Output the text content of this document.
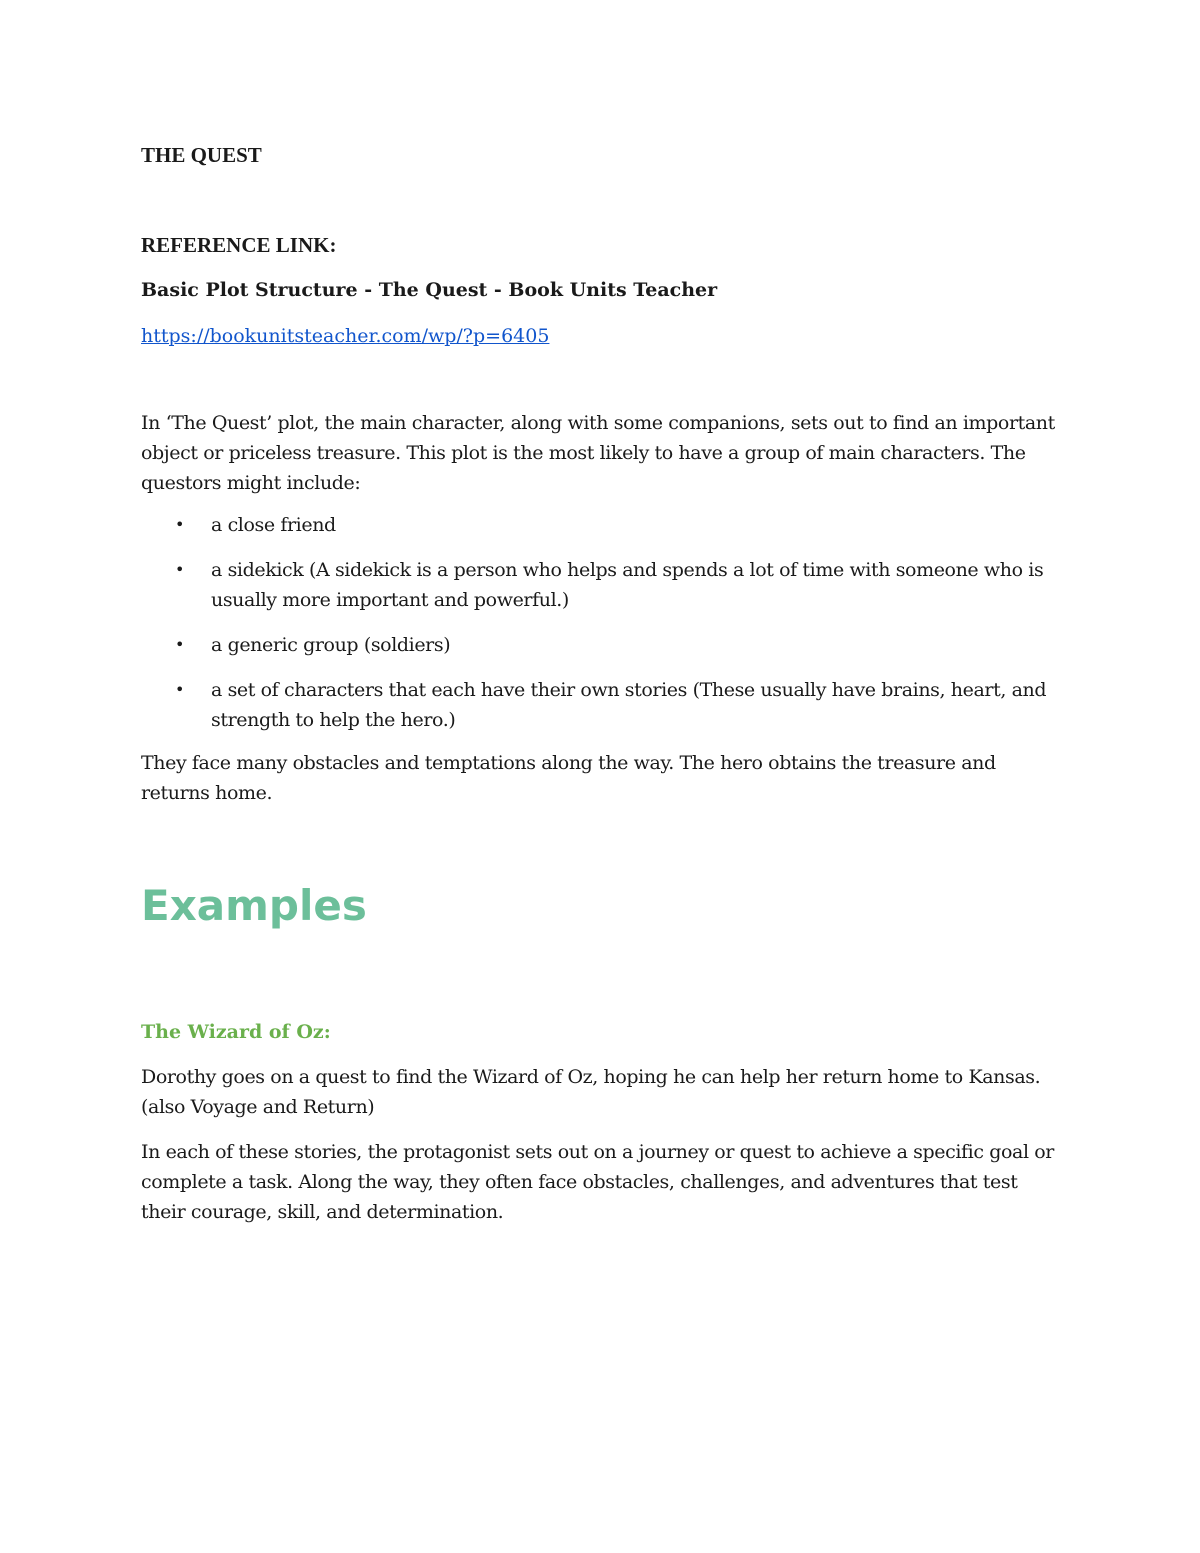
THE QUEST

REFERENCE LINK:

Basic Plot Structure - The Quest - Book Units Teacher

https://bookunitsteacher.com/wp/?p=6405

In ‘The Quest’ plot, the main character, along with some companions, sets out to find an important object or priceless treasure. This plot is the most likely to have a group of main characters. The questors might include:

• a close friend
• a sidekick (A sidekick is a person who helps and spends a lot of time with someone who is usually more important and powerful.)
• a generic group (soldiers)
• a set of characters that each have their own stories (These usually have brains, heart, and strength to help the hero.)

They face many obstacles and temptations along the way. The hero obtains the treasure and returns home.

Examples

The Wizard of Oz:

Dorothy goes on a quest to find the Wizard of Oz, hoping he can help her return home to Kansas. (also Voyage and Return)

In each of these stories, the protagonist sets out on a journey or quest to achieve a specific goal or complete a task. Along the way, they often face obstacles, challenges, and adventures that test their courage, skill, and determination.
